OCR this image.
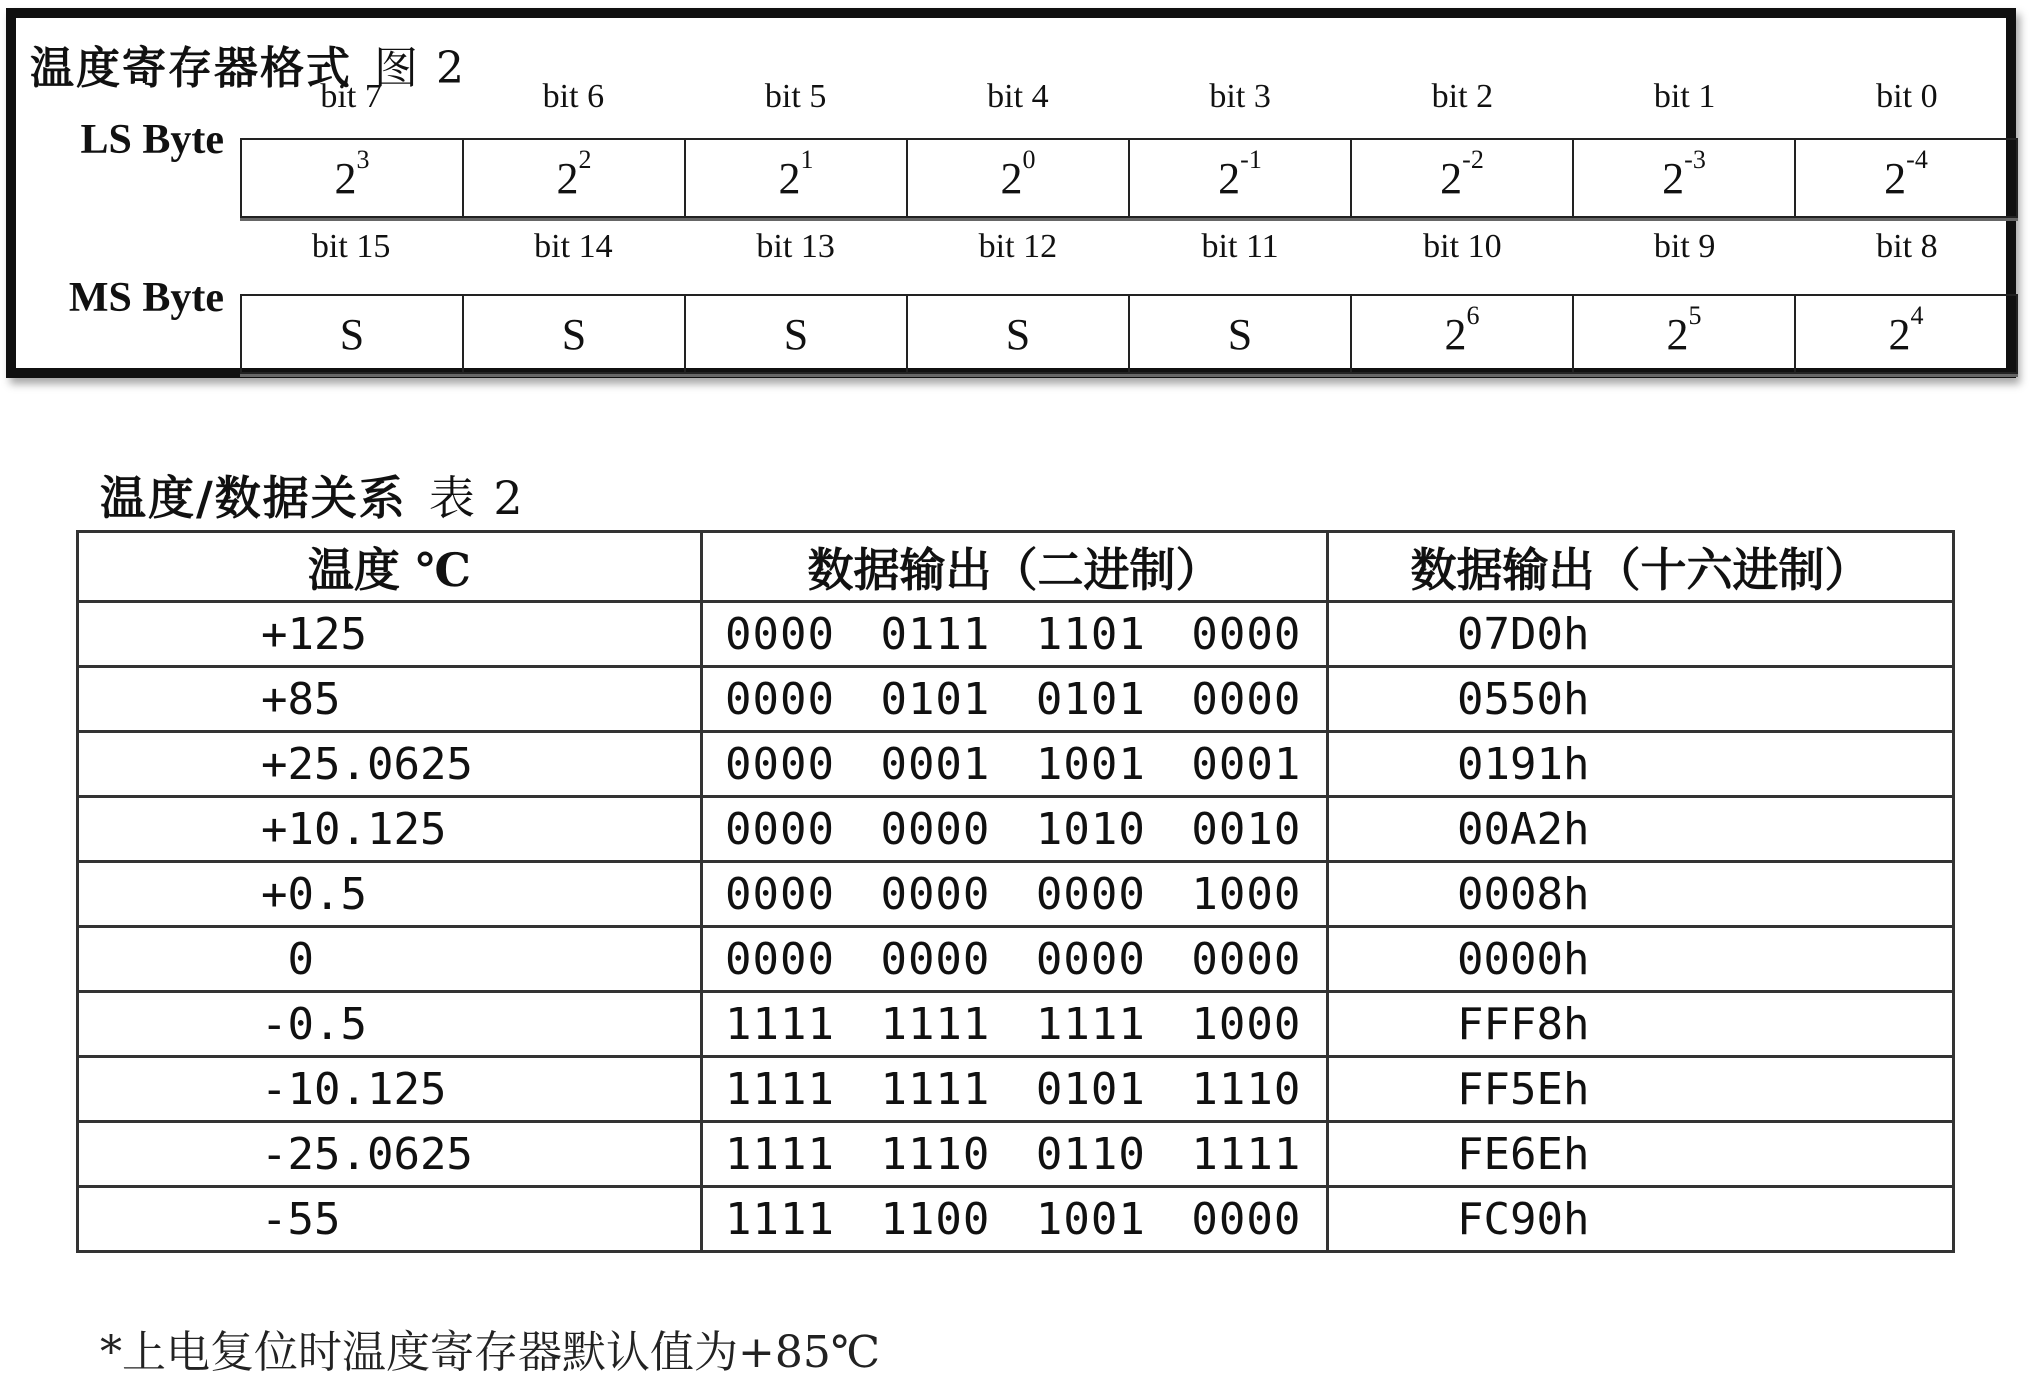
温度寄存器格式 图 2
LS Byte
bit 7	bit 6	bit 5	bit 4	bit 3	bit 2	bit 1	bit 0
2 3	2 2	2 1	2 0	2 -1	2 -2	2 -3	2 -4
MS Byte
bit 15	bit 14	bit 13	bit 12	bit 11	bit 10	bit 9	bit 8
S	S	S	S	S	2 6	2 5	2 4
温度/数据关系 表 2
温度 ℃	数据输出（二进制）	数据输出（十六进制）
+125	0000 0111 1101 0000	07D0h
+85	0000 0101 0101 0000	0550h
+25.0625	0000 0001 1001 0001	0191h
+10.125	0000 0000 1010 0010	00A2h
+0.5	0000 0000 0000 1000	0008h
0	0000 0000 0000 0000	0000h
-0.5	1111 1111 1111 1000	FFF8h
-10.125	1111 1111 0101 1110	FF5Eh
-25.0625	1111 1110 0110 1111	FE6Eh
-55	1111 1100 1001 0000	FC90h
*上电复位时温度寄存器默认值为+85℃
